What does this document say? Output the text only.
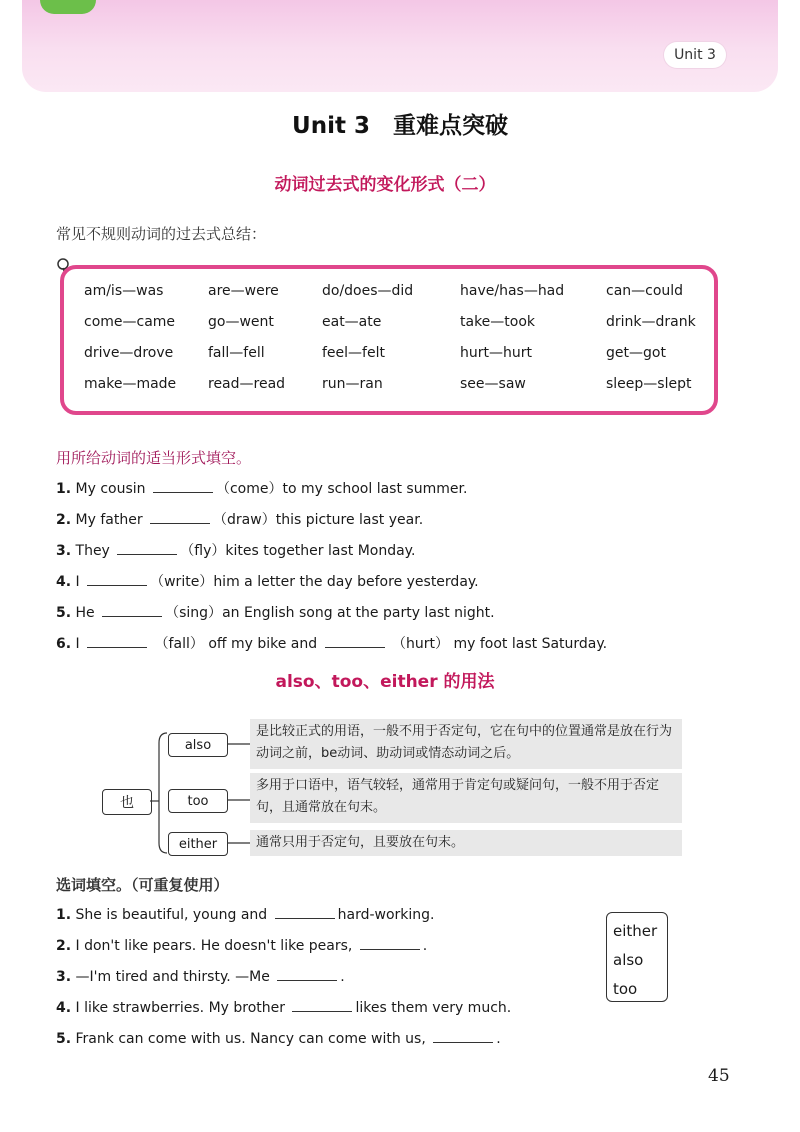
Unit 3
Unit 3　重难点突破
动词过去式的变化形式（二）
常见不规则动词的过去式总结：
am/is—was	are—were	do/does—did	have/has—had	can—could
come—came	go—went	eat—ate	take—took	drink—drank
drive—drove	fall—fell	feel—felt	hurt—hurt	get—got
make—made	read—read	run—ran	see—saw	sleep—slept
用所给动词的适当形式填空。
1. My cousin	（come）to my school last summer.
2. My father	（draw）this picture last year.
3. They	（fly）kites together last Monday.
4. I	（write）him a letter the day before yesterday.
5. He	（sing）an English song at the party last night.
6. I	（fall） off my bike and	（hurt） my foot last Saturday.
also、too、either 的用法
也
also
too
either
是比较正式的用语，一般不用于否定句，它在句中的位置通常是放在行为动词之前，be动词、助动词或情态动词之后。
多用于口语中，语气较轻，通常用于肯定句或疑问句，一般不用于否定句，且通常放在句末。
通常只用于否定句，且要放在句末。
选词填空。（可重复使用）
1. She is beautiful, young and	hard-working.
2. I don't like pears. He doesn't like pears,	.
3. —I'm tired and thirsty. —Me	.
4. I like strawberries. My brother	likes them very much.
5. Frank can come with us. Nancy can come with us,	.
either
also
too
45
